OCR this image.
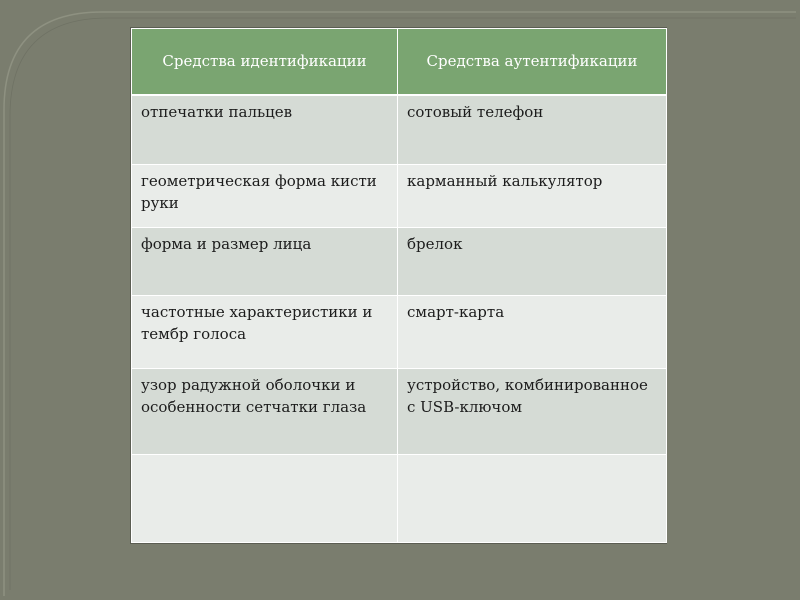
Средства идентификации	Средства аутентификации
отпечатки пальцев	сотовый телефон
геометрическая форма кисти руки	карманный калькулятор
форма и размер лица	брелок
частотные характеристики и тембр голоса	смарт-карта
узор радужной оболочки и особенности сетчатки глаза	устройство, комбинированное с USB-ключом
